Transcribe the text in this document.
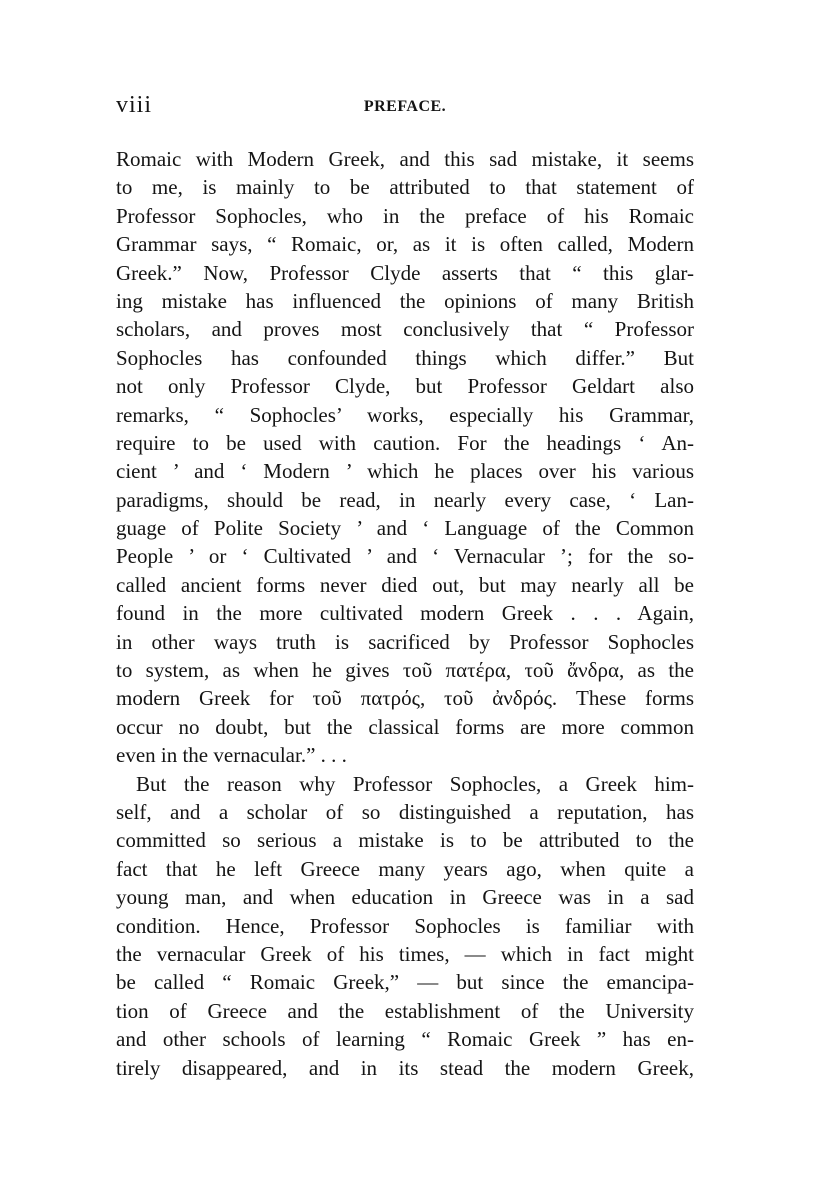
viii	PREFACE.
Romaic with Modern Greek, and this sad mistake, it seems
to me, is mainly to be attributed to that statement of
Professor Sophocles, who in the preface of his Romaic
Grammar says, “ Romaic, or, as it is often called, Modern
Greek.” Now, Professor Clyde asserts that “ this glar-
ing mistake has influenced the opinions of many British
scholars, and proves most conclusively that “ Professor
Sophocles has confounded things which differ.” But
not only Professor Clyde, but Professor Geldart also
remarks, “ Sophocles’ works, especially his Grammar,
require to be used with caution. For the headings ‘ An-
cient ’ and ‘ Modern ’ which he places over his various
paradigms, should be read, in nearly every case, ‘ Lan-
guage of Polite Society ’ and ‘ Language of the Common
People ’ or ‘ Cultivated ’ and ‘ Vernacular ’; for the so-
called ancient forms never died out, but may nearly all be
found in the more cultivated modern Greek . . . Again,
in other ways truth is sacrificed by Professor Sophocles
to system, as when he gives τοῦ πατέρα, τοῦ ἄνδρα, as the
modern Greek for τοῦ πατρός, τοῦ ἀνδρός. These forms
occur no doubt, but the classical forms are more common
even in the vernacular.” . . .
But the reason why Professor Sophocles, a Greek him-
self, and a scholar of so distinguished a reputation, has
committed so serious a mistake is to be attributed to the
fact that he left Greece many years ago, when quite a
young man, and when education in Greece was in a sad
condition. Hence, Professor Sophocles is familiar with
the vernacular Greek of his times, — which in fact might
be called “ Romaic Greek,” — but since the emancipa-
tion of Greece and the establishment of the University
and other schools of learning “ Romaic Greek ” has en-
tirely disappeared, and in its stead the modern Greek,
